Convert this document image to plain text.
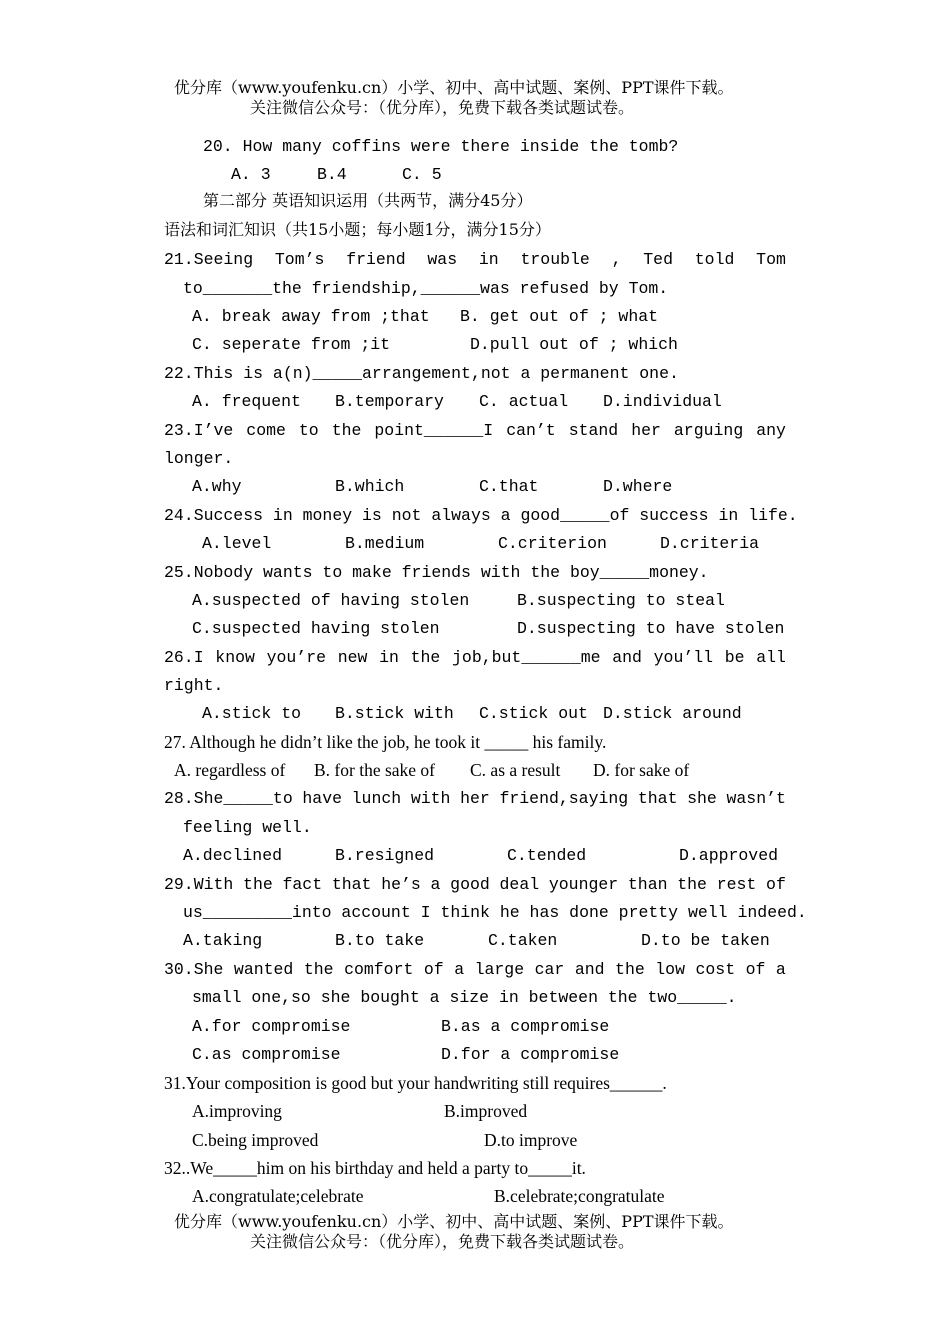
优分库（www.youfenku.cn）小学、初中、高中试题、案例、PPT课件下载。
关注微信公众号：（优分库），免费下载各类试题试卷。
20. How many coffins were there inside the tomb?
A. 3	B.4	C. 5
第二部分 英语知识运用（共两节，满分45分）
语法和词汇知识（共15小题；每小题1分，满分15分）
21.Seeing Tom’s friend was in trouble , Ted told Tom
to_______the friendship,______was refused by Tom.
A. break away from ;that B. get out of ; what
C. seperate from ;it	D.pull out of ; which
22.This is a(n)_____arrangement,not a permanent one.
A. frequent B.temporary C. actual D.individual
23.I’ve come to the point______I can’t stand her arguing any
longer.
A.why	B.which	C.that	D.where
24.Success in money is not always a good_____of success in life.
A.level	B.medium	C.criterion	D.criteria
25.Nobody wants to make friends with the boy_____money.
A.suspected of having stolen	B.suspecting to steal
C.suspected having stolen	D.suspecting to have stolen
26.I know you’re new in the job,but______me and you’ll be all
right.
A.stick to B.stick with C.stick out D.stick around
27. Although he didn’t like the job, he took it _____ his family.
A. regardless of B. for the sake of C. as a result D. for sake of
28.She_____to have lunch with her friend,saying that she wasn’t
feeling well.
A.declined	B.resigned	C.tended	D.approved
29.With the fact that he’s a good deal younger than the rest of
us_________into account I think he has done pretty well indeed.
A.taking	B.to take	C.taken	D.to be taken
30.She wanted the comfort of a large car and the low cost of a
small one,so she bought a size in between the two_____.
A.for compromise	B.as a compromise
C.as compromise	D.for a compromise
31.Your composition is good but your handwriting still requires______.
A.improving	B.improved
C.being improved	D.to improve
32..We_____him on his birthday and held a party to_____it.
A.congratulate;celebrate	B.celebrate;congratulate
优分库（www.youfenku.cn）小学、初中、高中试题、案例、PPT课件下载。
关注微信公众号：（优分库），免费下载各类试题试卷。
